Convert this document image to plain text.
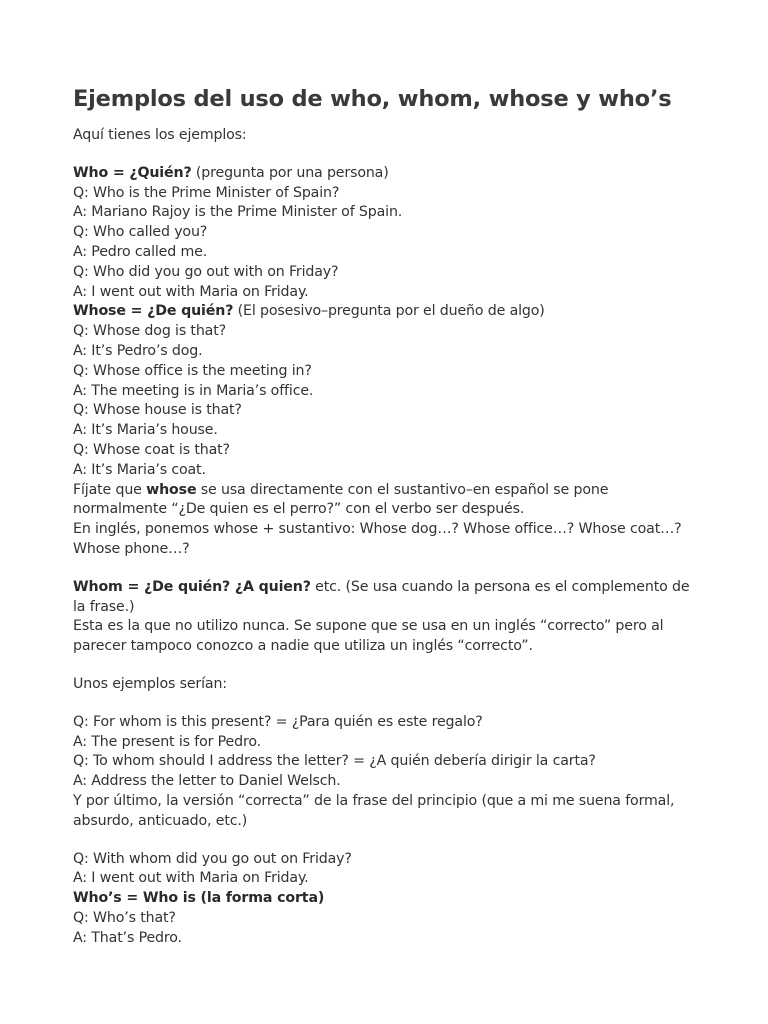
Ejemplos del uso de who, whom, whose y who’s

Aquí tienes los ejemplos:

Who = ¿Quién? (pregunta por una persona)
Q: Who is the Prime Minister of Spain?
A: Mariano Rajoy is the Prime Minister of Spain.
Q: Who called you?
A: Pedro called me.
Q: Who did you go out with on Friday?
A: I went out with Maria on Friday.
Whose = ¿De quién? (El posesivo–pregunta por el dueño de algo)
Q: Whose dog is that?
A: It’s Pedro’s dog.
Q: Whose office is the meeting in?
A: The meeting is in Maria’s office.
Q: Whose house is that?
A: It’s Maria’s house.
Q: Whose coat is that?
A: It’s Maria’s coat.
Fíjate que whose se usa directamente con el sustantivo–en español se pone normalmente “¿De quien es el perro?” con el verbo ser después.
En inglés, ponemos whose + sustantivo: Whose dog…? Whose office…? Whose coat…? Whose phone…?
Whom = ¿De quién? ¿A quien? etc. (Se usa cuando la persona es el complemento de la frase.)
Esta es la que no utilizo nunca. Se supone que se usa en un inglés “correcto” pero al parecer tampoco conozco a nadie que utiliza un inglés “correcto”.
Unos ejemplos serían:
Q: For whom is this present? = ¿Para quién es este regalo?
A: The present is for Pedro.
Q: To whom should I address the letter? = ¿A quién debería dirigir la carta?
A: Address the letter to Daniel Welsch.
Y por último, la versión “correcta” de la frase del principio (que a mi me suena formal, absurdo, anticuado, etc.)
Q: With whom did you go out on Friday?
A: I went out with Maria on Friday.
Who’s = Who is (la forma corta)
Q: Who’s that?
A: That’s Pedro.
